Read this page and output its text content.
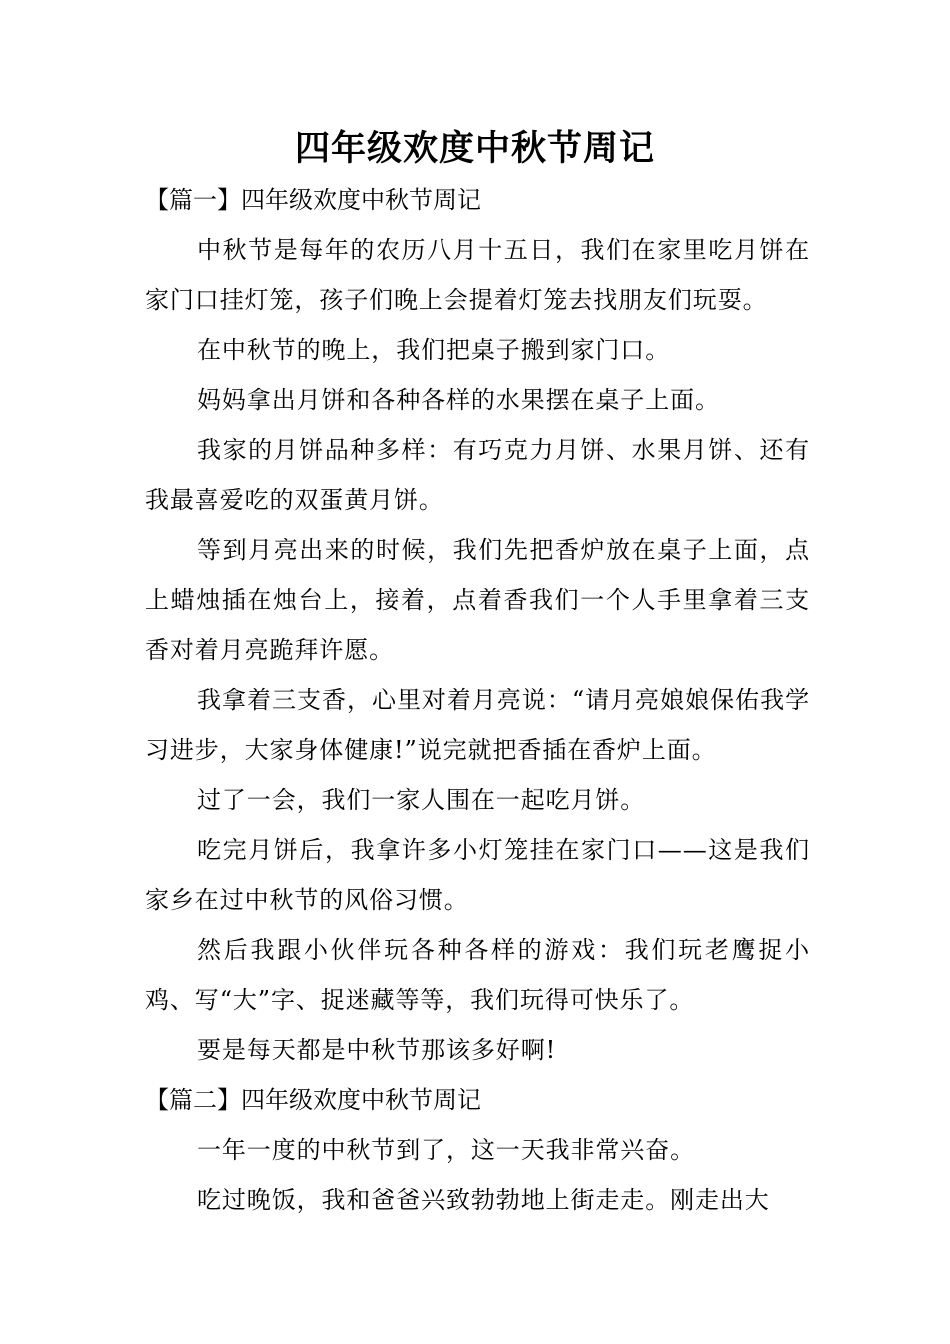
四年级欢度中秋节周记
【篇一】四年级欢度中秋节周记

中秋节是每年的农历八月十五日，我们在家里吃月饼在家门口挂灯笼，孩子们晚上会提着灯笼去找朋友们玩耍。

在中秋节的晚上，我们把桌子搬到家门口。

妈妈拿出月饼和各种各样的水果摆在桌子上面。

我家的月饼品种多样：有巧克力月饼、水果月饼、还有我最喜爱吃的双蛋黄月饼。

等到月亮出来的时候，我们先把香炉放在桌子上面，点上蜡烛插在烛台上，接着，点着香我们一个人手里拿着三支香对着月亮跪拜许愿。

我拿着三支香，心里对着月亮说：“请月亮娘娘保佑我学习进步，大家身体健康!”说完就把香插在香炉上面。

过了一会，我们一家人围在一起吃月饼。

吃完月饼后，我拿许多小灯笼挂在家门口——这是我们家乡在过中秋节的风俗习惯。

然后我跟小伙伴玩各种各样的游戏：我们玩老鹰捉小鸡、写“大”字、捉迷藏等等，我们玩得可快乐了。

要是每天都是中秋节那该多好啊!

【篇二】四年级欢度中秋节周记

一年一度的中秋节到了，这一天我非常兴奋。

吃过晚饭，我和爸爸兴致勃勃地上街走走。刚走出大
